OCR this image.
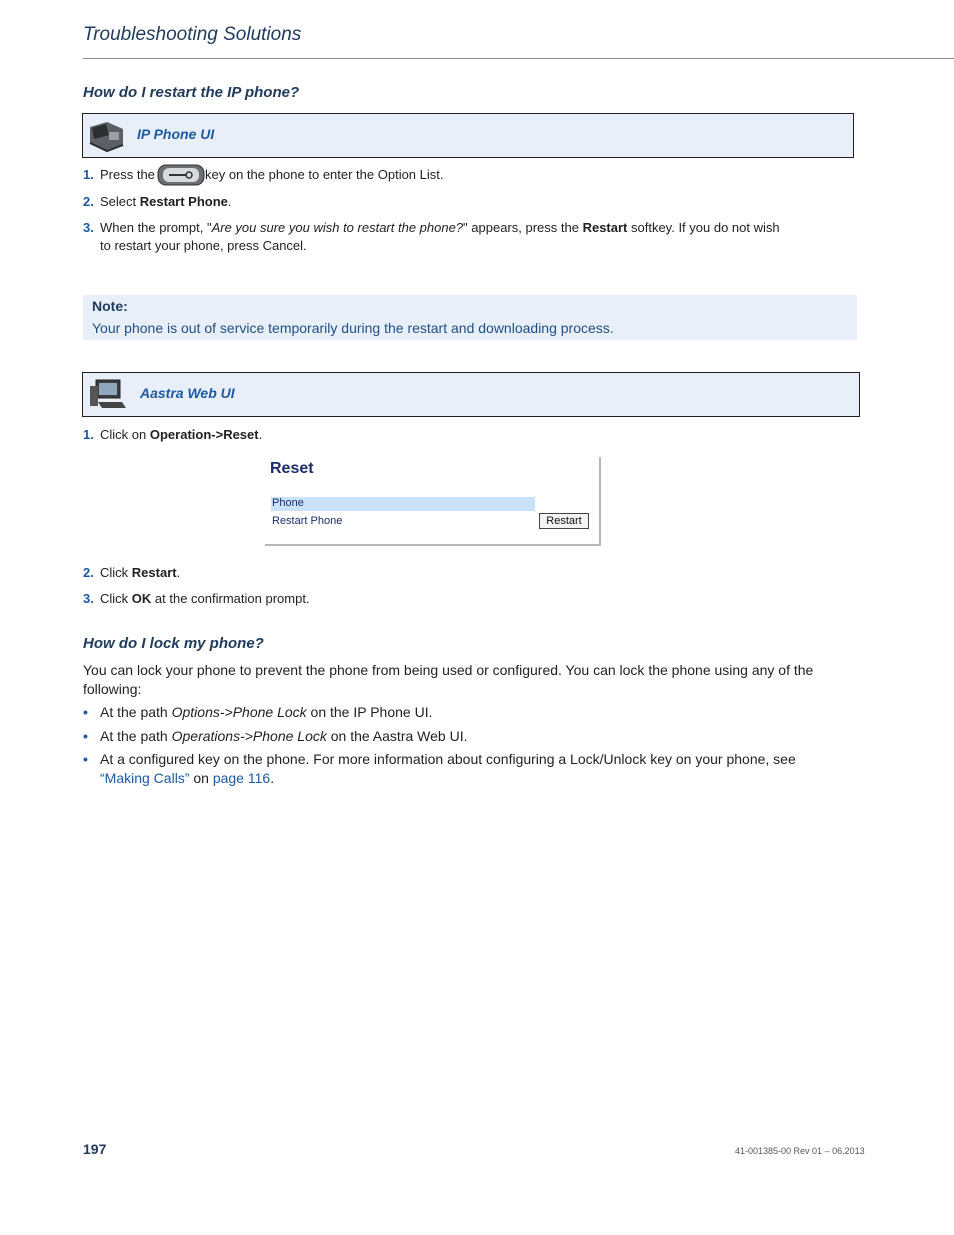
Troubleshooting Solutions
How do I restart the IP phone?
IP Phone UI
1. Press the	key on the phone to enter the Option List.
2. Select Restart Phone.
3. When the prompt, "Are you sure you wish to restart the phone?" appears, press the Restart softkey. If you do not wish
to restart your phone, press Cancel.
Note:
Your phone is out of service temporarily during the restart and downloading process.
Aastra Web UI
1. Click on Operation->Reset.
Reset
Phone
Restart Phone	Restart
2. Click Restart.
3. Click OK at the confirmation prompt.
How do I lock my phone?
You can lock your phone to prevent the phone from being used or configured. You can lock the phone using any of the
following:
• At the path Options->Phone Lock on the IP Phone UI.
• At the path Operations->Phone Lock on the Aastra Web UI.
• At a configured key on the phone. For more information about configuring a Lock/Unlock key on your phone, see
“Making Calls” on page 116.
197	41-001385-00 Rev 01 – 06.2013
